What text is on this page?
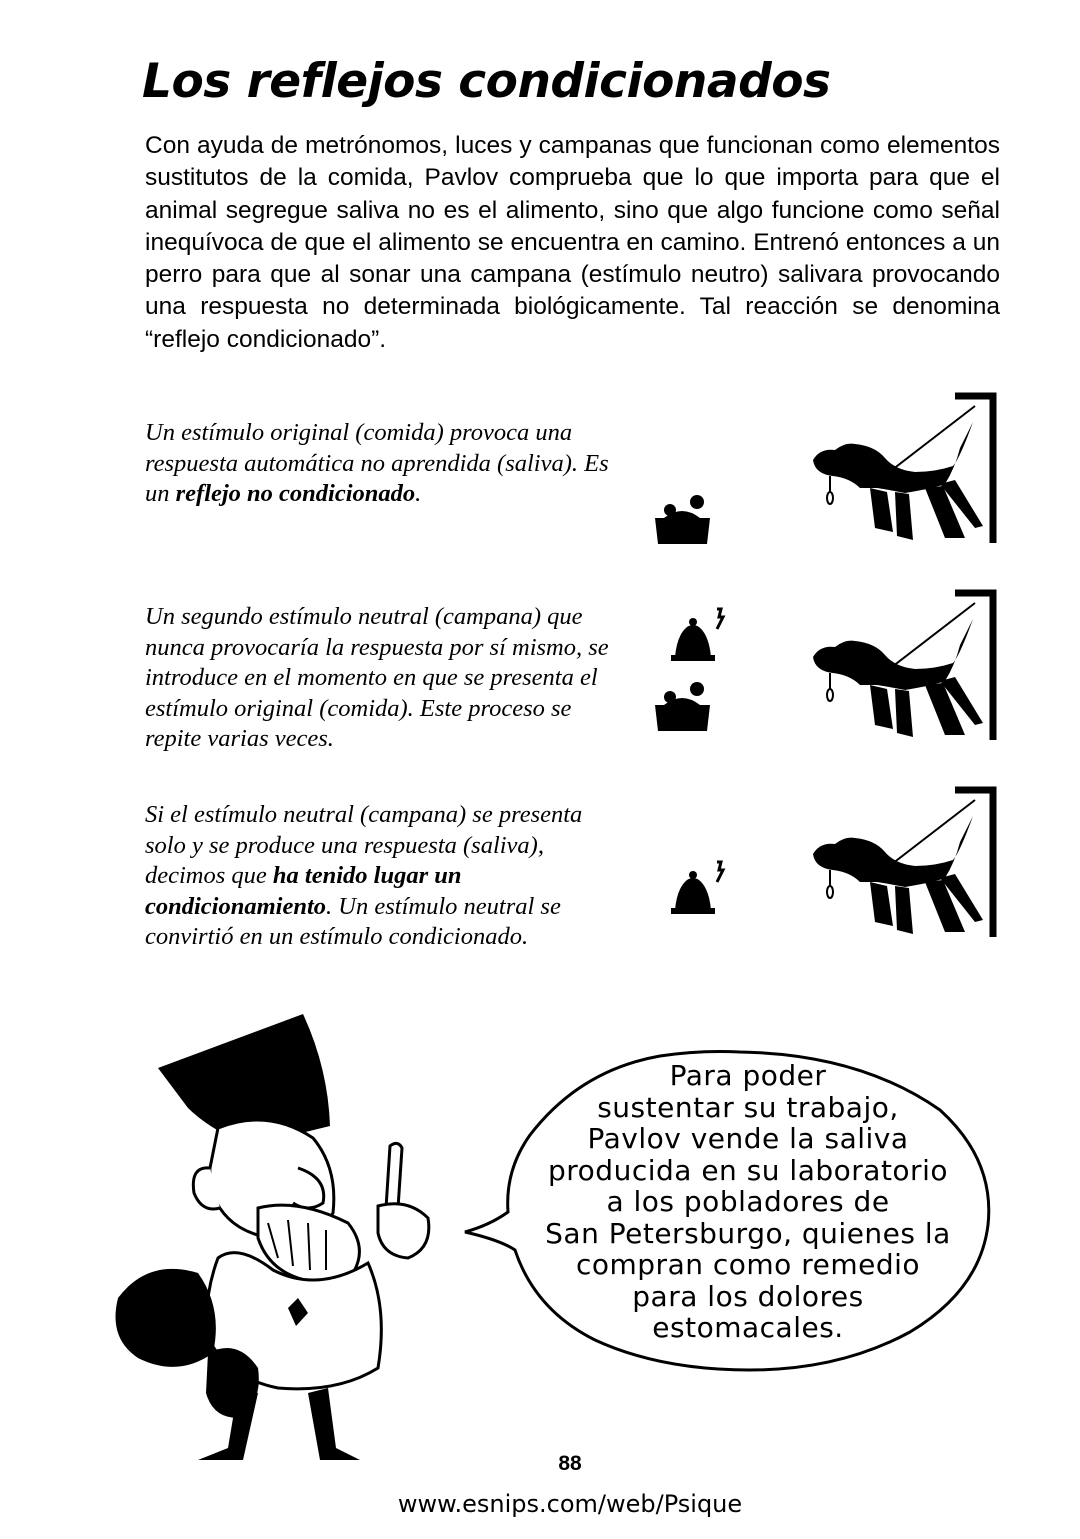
Los reflejos condicionados

Con ayuda de metrónomos, luces y campanas que funcionan como elementos sustitutos de la comida, Pavlov comprueba que lo que importa para que el animal segregue saliva no es el alimento, sino que algo funcione como señal inequívoca de que el alimento se encuentra en camino. Entrenó entonces a un perro para que al sonar una campana (estímulo neutro) salivara provocando una respuesta no determinada biológicamente. Tal reacción se denomina “reflejo condicionado”.

Un estímulo original (comida) provoca una respuesta automática no aprendida (saliva). Es un reflejo no condicionado.

Un segundo estímulo neutral (campana) que nunca provocaría la respuesta por sí mismo, se introduce en el momento en que se presenta el estímulo original (comida). Este proceso se repite varias veces.

Si el estímulo neutral (campana) se presenta solo y se produce una respuesta (saliva), decimos que ha tenido lugar un condicionamiento. Un estímulo neutral se convirtió en un estímulo condicionado.

Para poder
sustentar su trabajo,
Pavlov vende la saliva
producida en su laboratorio
a los pobladores de
San Petersburgo, quienes la
compran como remedio
para los dolores
estomacales.
88
www.esnips.com/web/Psique
